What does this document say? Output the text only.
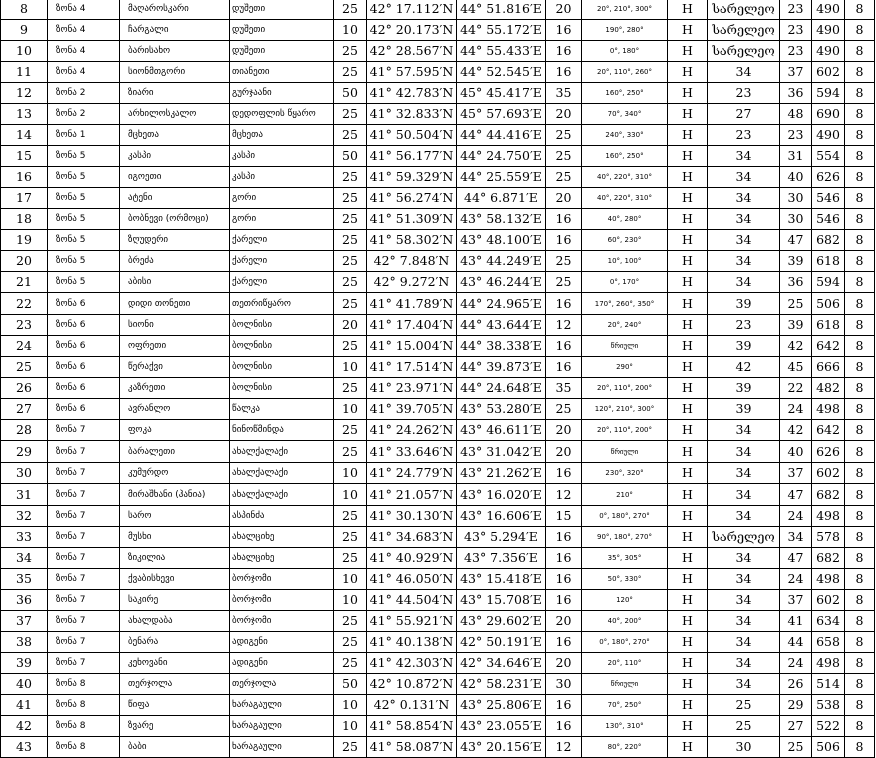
8	ზონა 4	მაღაროსკარი	დუშეთი	25	42° 17.112′N	44° 51.816′E	20	20°, 210°, 300°	H	სარელეო	23	490	8
9	ზონა 4	ჩარგალი	დუშეთი	10	42° 20.173′N	44° 55.172′E	16	190°, 280°	H	სარელეო	23	490	8
10	ზონა 4	ბარისახო	დუშეთი	25	42° 28.567′N	44° 55.433′E	16	0°, 180°	H	სარელეო	23	490	8
11	ზონა 4	სიონმთგორი	თიანეთი	25	41° 57.595′N	44° 52.545′E	16	20°, 110°, 260°	H	34	37	602	8
12	ზონა 2	ზიარი	გურჯაანი	50	41° 42.783′N	45° 45.417′E	35	160°, 250°	H	23	36	594	8
13	ზონა 2	არხილოსკალო	დედოფლის წყარო	25	41° 32.833′N	45° 57.693′E	20	70°, 340°	H	27	48	690	8
14	ზონა 1	მცხეთა	მცხეთა	25	41° 50.504′N	44° 44.416′E	25	240°, 330°	H	23	23	490	8
15	ზონა 5	კასპი	კასპი	50	41° 56.177′N	44° 24.750′E	25	160°, 250°	H	34	31	554	8
16	ზონა 5	იგოეთი	კასპი	25	41° 59.329′N	44° 25.559′E	25	40°, 220°, 310°	H	34	40	626	8
17	ზონა 5	ატენი	გორი	25	41° 56.274′N	44° 6.871′E	20	40°, 220°, 310°	H	34	30	546	8
18	ზონა 5	ბობნევი (ორმოცი)	გორი	25	41° 51.309′N	43° 58.132′E	16	40°, 280°	H	34	30	546	8
19	ზონა 5	ზღუდერი	ქარელი	25	41° 58.302′N	43° 48.100′E	16	60°, 230°	H	34	47	682	8
20	ზონა 5	ბრეძა	ქარელი	25	42° 7.848′N	43° 44.249′E	25	10°, 100°	H	34	39	618	8
21	ზონა 5	აბისი	ქარელი	25	42° 9.272′N	43° 46.244′E	25	0°, 170°	H	34	36	594	8
22	ზონა 6	დიდი თონეთი	თეთრიწყარო	25	41° 41.789′N	44° 24.965′E	16	170°, 260°, 350°	H	39	25	506	8
23	ზონა 6	სიონი	ბოლნისი	20	41° 17.404′N	44° 43.644′E	12	20°, 240°	H	23	39	618	8
24	ზონა 6	ოფრეთი	ბოლნისი	25	41° 15.004′N	44° 38.338′E	16	წრიული	H	39	42	642	8
25	ზონა 6	წერაქვი	ბოლნისი	10	41° 17.514′N	44° 39.873′E	16	290°	H	42	45	666	8
26	ზონა 6	კაზრეთი	ბოლნისი	25	41° 23.971′N	44° 24.648′E	35	20°, 110°, 200°	H	39	22	482	8
27	ზონა 6	ავრანლო	წალკა	10	41° 39.705′N	43° 53.280′E	25	120°, 210°, 300°	H	39	24	498	8
28	ზონა 7	ფოკა	ნინოწმინდა	25	41° 24.262′N	43° 46.611′E	20	20°, 110°, 200°	H	34	42	642	8
29	ზონა 7	ბარალეთი	ახალქალაქი	25	41° 33.646′N	43° 31.042′E	20	წრიული	H	34	40	626	8
30	ზონა 7	კუმურდო	ახალქალაქი	10	41° 24.779′N	43° 21.262′E	16	230°, 320°	H	34	37	602	8
31	ზონა 7	მირაშხანი (ჰანია)	ახალქალაქი	10	41° 21.057′N	43° 16.020′E	12	210°	H	34	47	682	8
32	ზონა 7	სარო	ასპინძა	25	41° 30.130′N	43° 16.606′E	15	0°, 180°, 270°	H	34	24	498	8
33	ზონა 7	მუსხი	ახალციხე	25	41° 34.683′N	43° 5.294′E	16	90°, 180°, 270°	H	სარელეო	34	578	8
34	ზონა 7	ზიკილია	ახალციხე	25	41° 40.929′N	43° 7.356′E	16	35°, 305°	H	34	47	682	8
35	ზონა 7	ქვაბისხევი	ბორჯომი	10	41° 46.050′N	43° 15.418′E	16	50°, 330°	H	34	24	498	8
36	ზონა 7	საკირე	ბორჯომი	10	41° 44.504′N	43° 15.708′E	16	120°	H	34	37	602	8
37	ზონა 7	ახალდაბა	ბორჯომი	25	41° 55.921′N	43° 29.602′E	20	40°, 200°	H	34	41	634	8
38	ზონა 7	ბენარა	ადიგენი	25	41° 40.138′N	42° 50.191′E	16	0°, 180°, 270°	H	34	44	658	8
39	ზონა 7	კეხოვანი	ადიგენი	25	41° 42.303′N	42° 34.646′E	20	20°, 110°	H	34	24	498	8
40	ზონა 8	თერჯოლა	თერჯოლა	50	42° 10.872′N	42° 58.231′E	30	წრიული	H	34	26	514	8
41	ზონა 8	წიფა	ხარაგაული	10	42° 0.131′N	43° 25.806′E	16	70°, 250°	H	25	29	538	8
42	ზონა 8	ზვარე	ხარაგაული	10	41° 58.854′N	43° 23.055′E	16	130°, 310°	H	25	27	522	8
43	ზონა 8	ბაბი	ხარაგაული	25	41° 58.087′N	43° 20.156′E	12	80°, 220°	H	30	25	506	8
